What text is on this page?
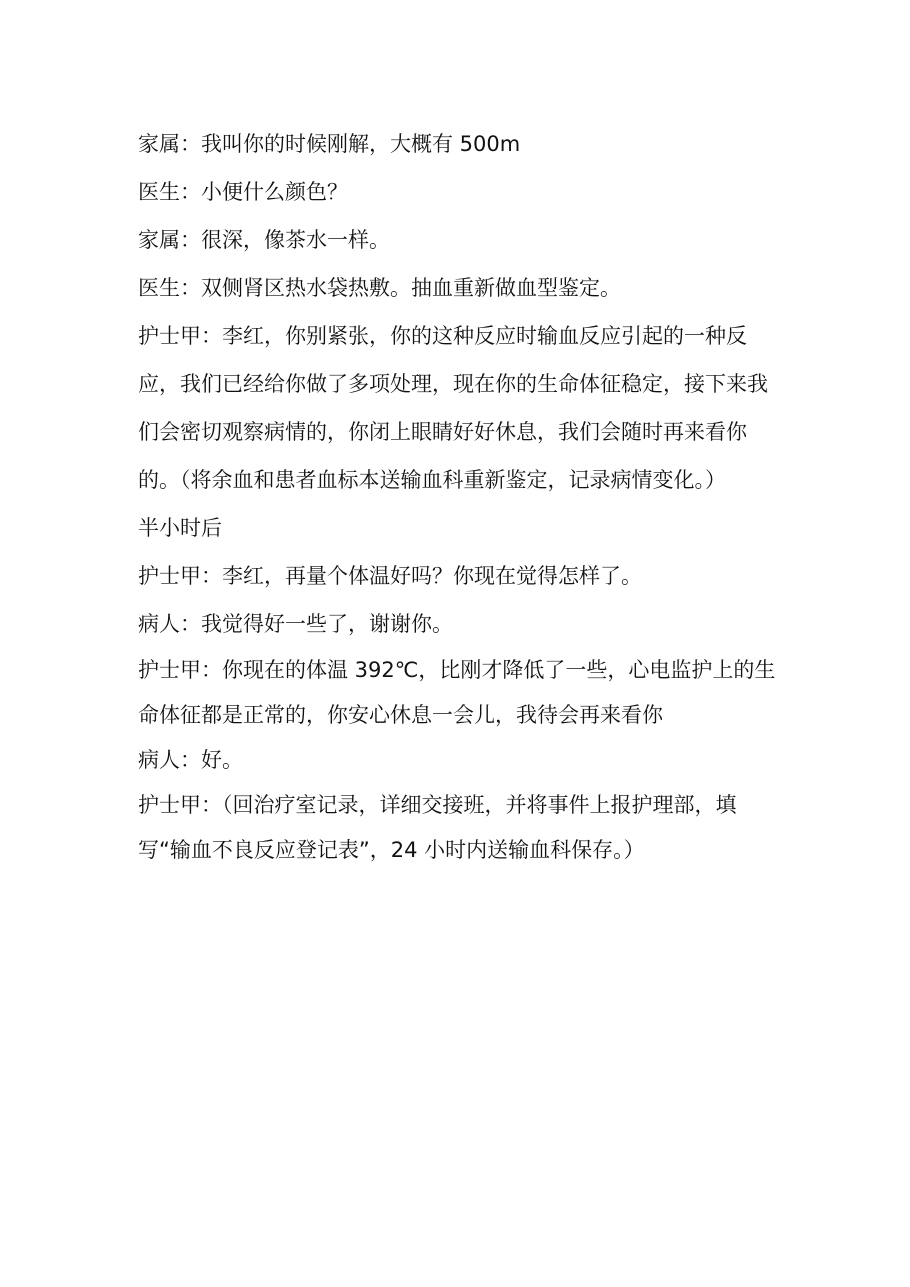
家属：我叫你的时候刚解，大概有 500m

医生：小便什么颜色？

家属：很深，像茶水一样。

医生：双侧肾区热水袋热敷。抽血重新做血型鉴定。

护士甲：李红，你别紧张，你的这种反应时输血反应引起的一种反应，我们已经给你做了多项处理，现在你的生命体征稳定，接下来我们会密切观察病情的，你闭上眼睛好好休息，我们会随时再来看你的。（将余血和患者血标本送输血科重新鉴定，记录病情变化。）

半小时后

护士甲：李红，再量个体温好吗？你现在觉得怎样了。

病人：我觉得好一些了，谢谢你。

护士甲：你现在的体温 392℃，比刚才降低了一些，心电监护上的生命体征都是正常的，你安心休息一会儿，我待会再来看你

病人：好。

护士甲：（回治疗室记录，详细交接班，并将事件上报护理部，填写“输血不良反应登记表”，24 小时内送输血科保存。）
